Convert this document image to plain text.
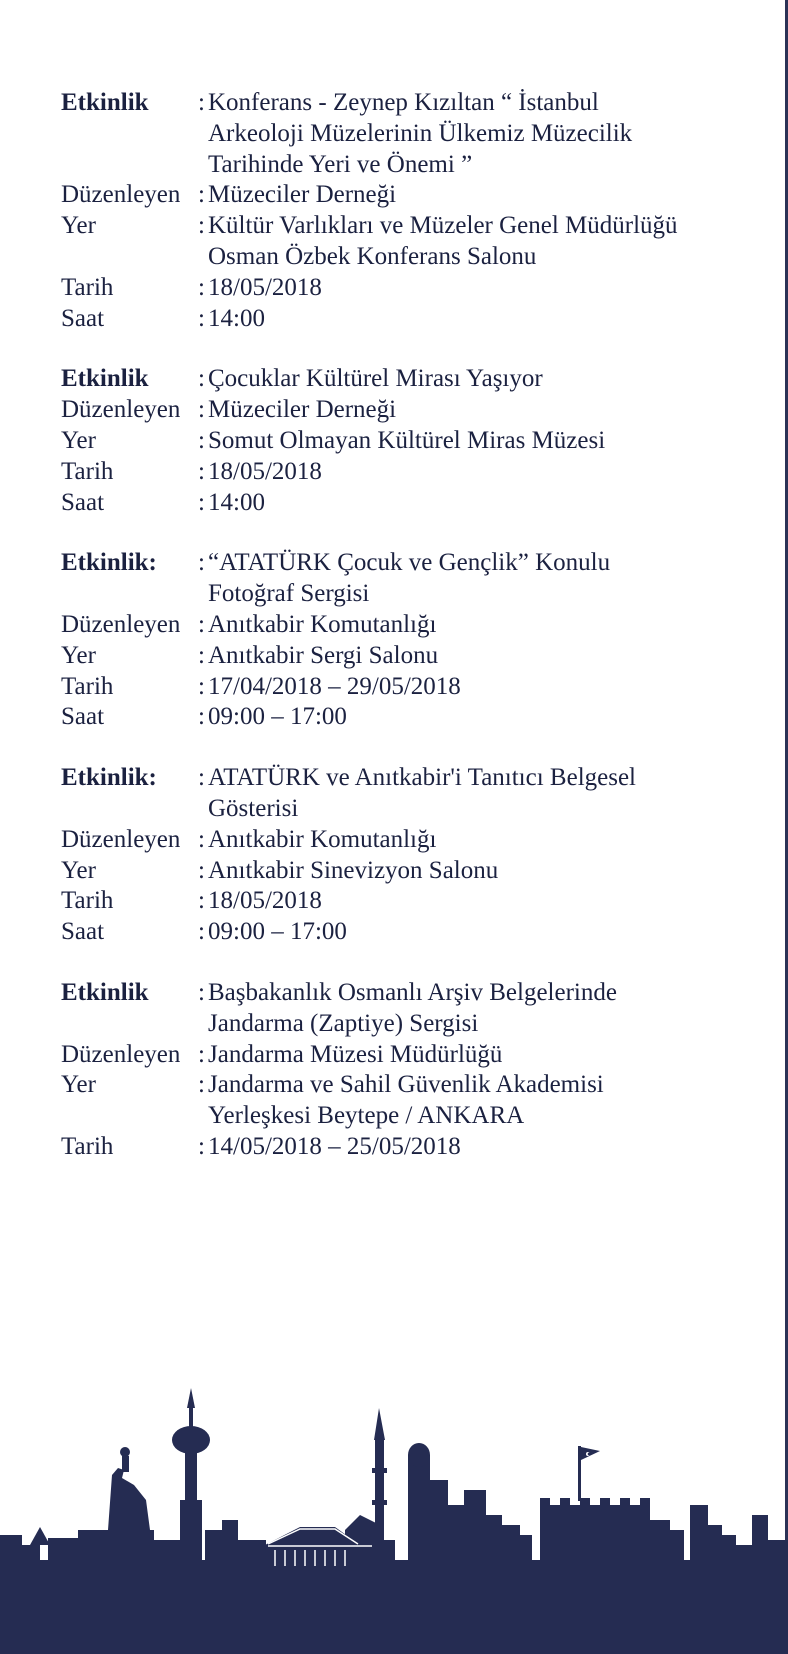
Etkinlik : Konferans - Zeynep Kızıltan “ İstanbul
Arkeoloji Müzelerinin Ülkemiz Müzecilik
Tarihinde Yeri ve Önemi ”
Düzenleyen : Müzeciler Derneği
Yer	: Kültür Varlıkları ve Müzeler Genel Müdürlüğü
Osman Özbek Konferans Salonu
Tarih	: 18/05/2018
Saat	: 14:00
Etkinlik : Çocuklar Kültürel Mirası Yaşıyor
Düzenleyen : Müzeciler Derneği
Yer	: Somut Olmayan Kültürel Miras Müzesi
Tarih	: 18/05/2018
Saat	: 14:00
Etkinlik: : “ATATÜRK Çocuk ve Gençlik” Konulu
Fotoğraf Sergisi
Düzenleyen : Anıtkabir Komutanlığı
Yer	: Anıtkabir Sergi Salonu
Tarih	: 17/04/2018 – 29/05/2018
Saat	: 09:00 – 17:00
Etkinlik: : ATATÜRK ve Anıtkabir'i Tanıtıcı Belgesel
Gösterisi
Düzenleyen : Anıtkabir Komutanlığı
Yer	: Anıtkabir Sinevizyon Salonu
Tarih	: 18/05/2018
Saat	: 09:00 – 17:00
Etkinlik : Başbakanlık Osmanlı Arşiv Belgelerinde
Jandarma (Zaptiye) Sergisi
Düzenleyen : Jandarma Müzesi Müdürlüğü
Yer	: Jandarma ve Sahil Güvenlik Akademisi
Yerleşkesi Beytepe / ANKARA
Tarih	: 14/05/2018 – 25/05/2018
